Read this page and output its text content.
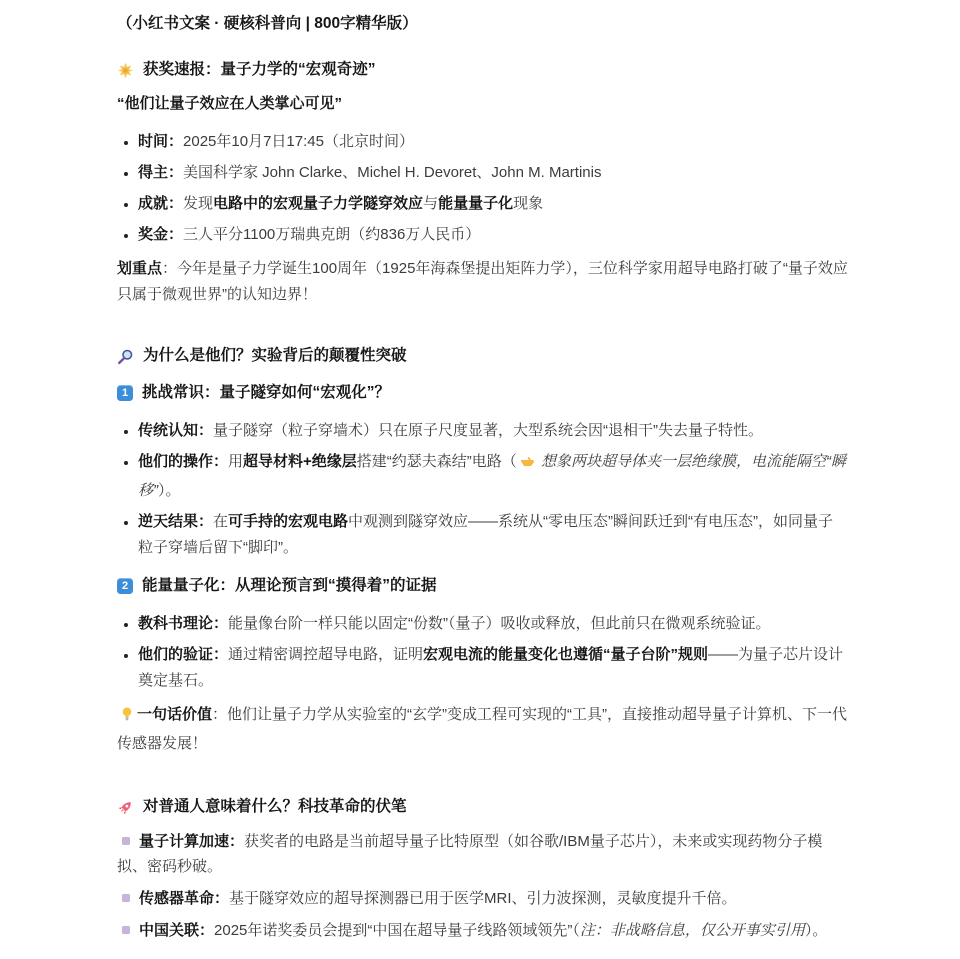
（小红书文案 · 硬核科普向 | 800字精华版）

获奖速报：量子力学的“宏观奇迹”

“他们让量子效应在人类掌心可见”

• 时间：2025年10月7日17:45（北京时间）
• 得主：美国科学家 John Clarke、Michel H. Devoret、John M. Martinis
• 成就：发现电路中的宏观量子力学隧穿效应与能量量子化现象
• 奖金：三人平分1100万瑞典克朗（约836万人民币）

划重点：今年是量子力学诞生100周年（1925年海森堡提出矩阵力学），三位科学家用超导电路打破了“量子效应只属于微观世界”的认知边界！

为什么是他们？实验背后的颠覆性突破
1 挑战常识：量子隧穿如何“宏观化”？
• 传统认知：量子隧穿（粒子穿墙术）只在原子尺度显著，大型系统会因“退相干”失去量子特性。
• 他们的操作：用超导材料+绝缘层搭建“约瑟夫森结”电路（ 想象两块超导体夹一层绝缘膜，电流能隔空“瞬移”）。
• 逆天结果：在可手持的宏观电路中观测到隧穿效应——系统从“零电压态”瞬间跃迁到“有电压态”，如同量子粒子穿墙后留下“脚印”。
2 能量量子化：从理论预言到“摸得着”的证据
• 教科书理论：能量像台阶一样只能以固定“份数”（量子）吸收或释放，但此前只在微观系统验证。
• 他们的验证：通过精密调控超导电路，证明宏观电流的能量变化也遵循“量子台阶”规则——为量子芯片设计奠定基石。

一句话价值：他们让量子力学从实验室的“玄学”变成工程可实现的“工具”，直接推动超导量子计算机、下一代传感器发展！

对普通人意味着什么？科技革命的伏笔

量子计算加速：获奖者的电路是当前超导量子比特原型（如谷歌/IBM量子芯片），未来或实现药物分子模拟、密码秒破。

传感器革命：基于隧穿效应的超导探测器已用于医学MRI、引力波探测，灵敏度提升千倍。

中国关联：2025年诺奖委员会提到“中国在超导量子线路领域领先”（注：非战略信息，仅公开事实引用）。
